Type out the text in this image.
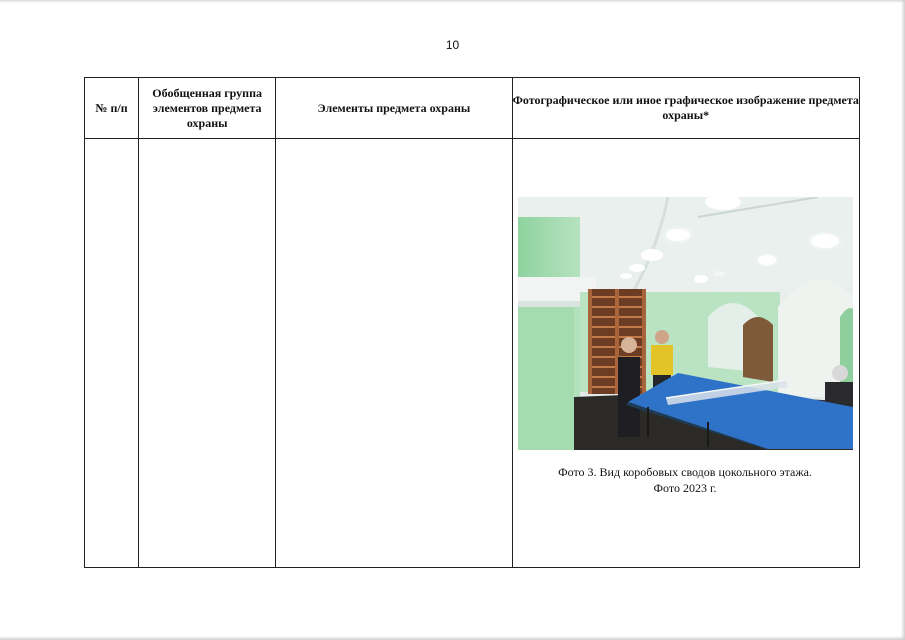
10
№ п/п	Обобщенная группа элементов предмета охраны	Элементы предмета охраны	Фотографическое или иное графическое изображение предмета охраны*

			Фото 3. Вид коробовых сводов цокольного этажа.
Фото 2023 г.
